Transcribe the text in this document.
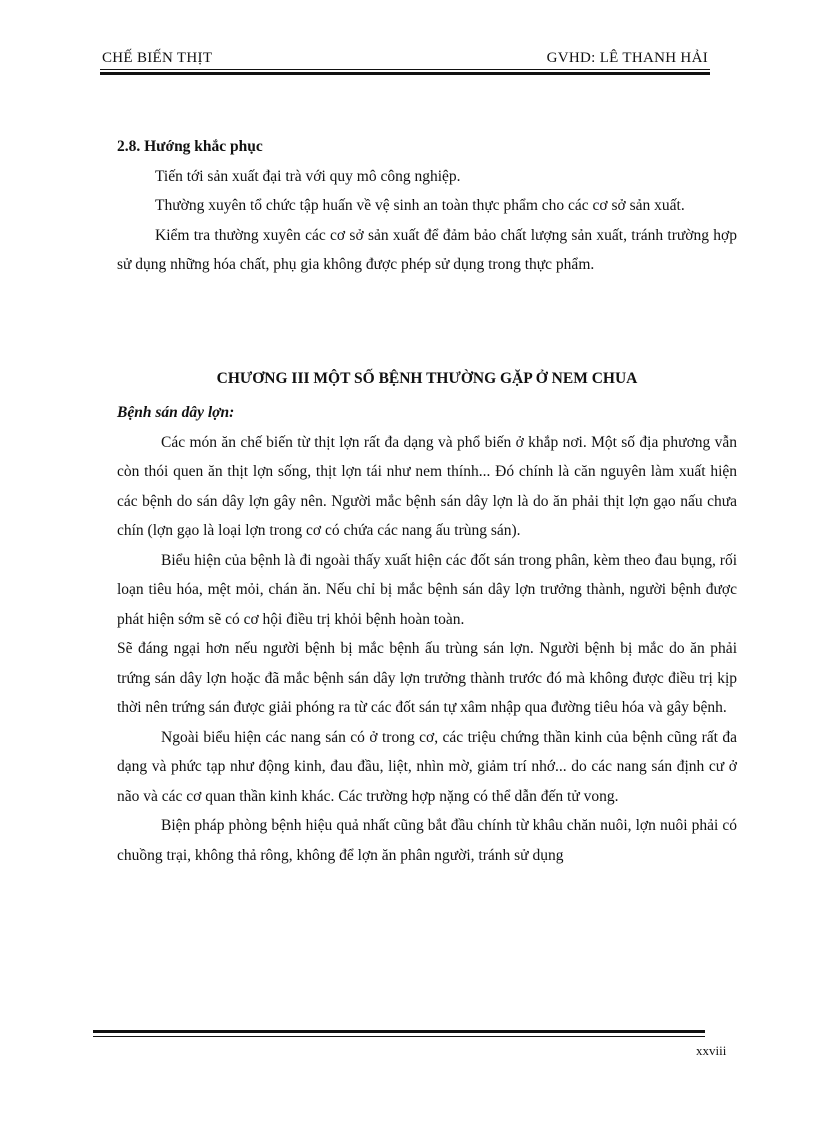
CHẾ BIẾN THỊT	GVHD: LÊ THANH HẢI

2.8. Hướng khắc phục

Tiến tới sản xuất đại trà với quy mô công nghiệp.

Thường xuyên tổ chức tập huấn về vệ sinh an toàn thực phẩm cho các cơ sở sản xuất.

Kiểm tra thường xuyên các cơ sở sản xuất để đảm bảo chất lượng sản xuất, tránh trường hợp sử dụng những hóa chất, phụ gia không được phép sử dụng trong thực phẩm.

CHƯƠNG III MỘT SỐ BỆNH THƯỜNG GẶP Ở NEM CHUA

Bệnh sán dây lợn:

Các món ăn chế biến từ thịt lợn rất đa dạng và phổ biến ở khắp nơi. Một số địa phương vẫn còn thói quen ăn thịt lợn sống, thịt lợn tái như nem thính... Đó chính là căn nguyên làm xuất hiện các bệnh do sán dây lợn gây nên. Người mắc bệnh sán dây lợn là do ăn phải thịt lợn gạo nấu chưa chín (lợn gạo là loại lợn trong cơ có chứa các nang ấu trùng sán).

Biểu hiện của bệnh là đi ngoài thấy xuất hiện các đốt sán trong phân, kèm theo đau bụng, rối loạn tiêu hóa, mệt mỏi, chán ăn. Nếu chỉ bị mắc bệnh sán dây lợn trưởng thành, người bệnh được phát hiện sớm sẽ có cơ hội điều trị khỏi bệnh hoàn toàn.

Sẽ đáng ngại hơn nếu người bệnh bị mắc bệnh ấu trùng sán lợn. Người bệnh bị mắc do ăn phải trứng sán dây lợn hoặc đã mắc bệnh sán dây lợn trưởng thành trước đó mà không được điều trị kịp thời nên trứng sán được giải phóng ra từ các đốt sán tự xâm nhập qua đường tiêu hóa và gây bệnh.

Ngoài biểu hiện các nang sán có ở trong cơ, các triệu chứng thần kinh của bệnh cũng rất đa dạng và phức tạp như động kinh, đau đầu, liệt, nhìn mờ, giảm trí nhớ... do các nang sán định cư ở não và các cơ quan thần kinh khác. Các trường hợp nặng có thể dẫn đến tử vong.

Biện pháp phòng bệnh hiệu quả nhất cũng bắt đầu chính từ khâu chăn nuôi, lợn nuôi phải có chuồng trại, không thả rông, không để lợn ăn phân người, tránh sử dụng

xxviii
